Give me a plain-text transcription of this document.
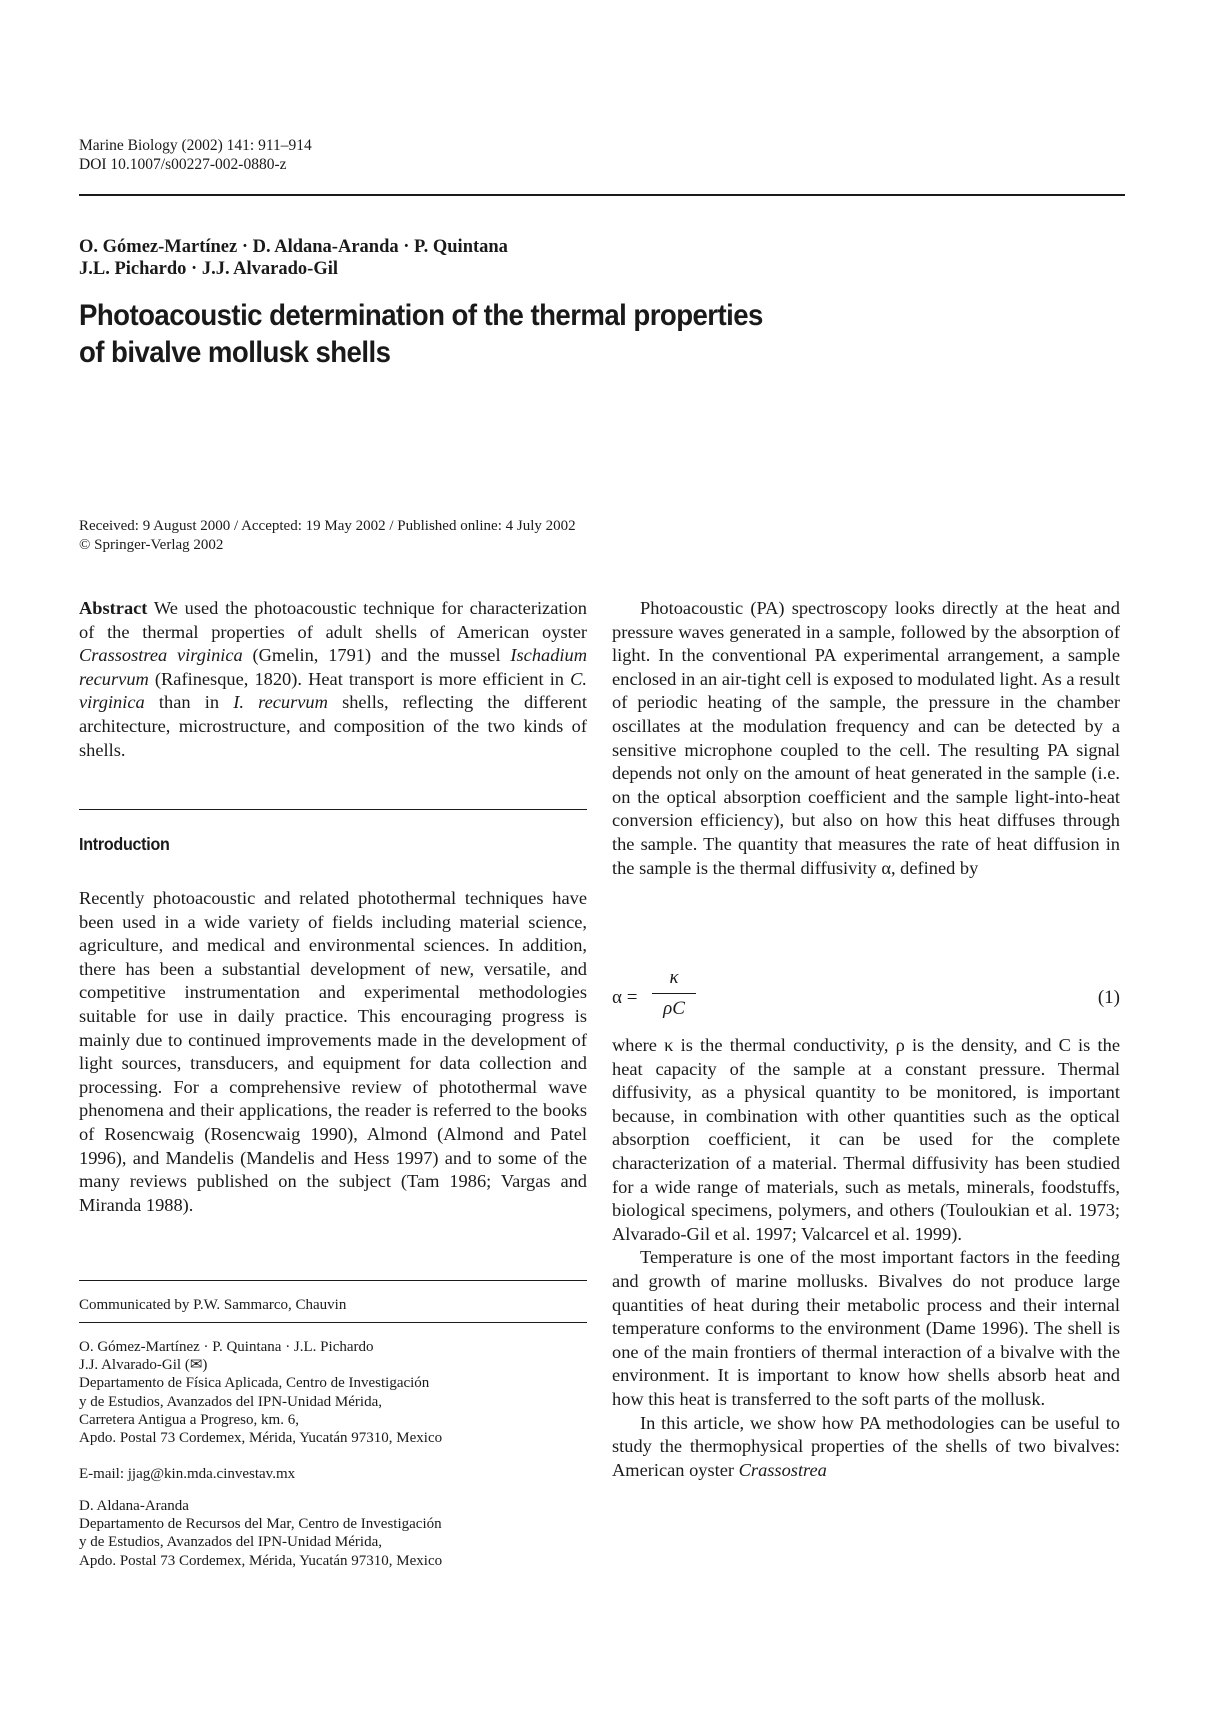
Marine Biology (2002) 141: 911–914
DOI 10.1007/s00227-002-0880-z
O. Gómez-Martínez · D. Aldana-Aranda · P. Quintana
J.L. Pichardo · J.J. Alvarado-Gil
Photoacoustic determination of the thermal properties
of bivalve mollusk shells
Received: 9 August 2000 / Accepted: 19 May 2002 / Published online: 4 July 2002
© Springer-Verlag 2002

Abstract We used the photoacoustic technique for characterization of the thermal properties of adult shells of American oyster Crassostrea virginica (Gmelin, 1791) and the mussel Ischadium recurvum (Rafinesque, 1820). Heat transport is more efficient in C. virginica than in I. recurvum shells, reflecting the different architecture, microstructure, and composition of the two kinds of shells.

Introduction

Recently photoacoustic and related photothermal techniques have been used in a wide variety of fields including material science, agriculture, and medical and environmental sciences. In addition, there has been a substantial development of new, versatile, and competitive instrumentation and experimental methodologies suitable for use in daily practice. This encouraging progress is mainly due to continued improvements made in the development of light sources, transducers, and equipment for data collection and processing. For a comprehensive review of photothermal wave phenomena and their applications, the reader is referred to the books of Rosencwaig (Rosencwaig 1990), Almond (Almond and Patel 1996), and Mandelis (Mandelis and Hess 1997) and to some of the many reviews published on the subject (Tam 1986; Vargas and Miranda 1988).

Communicated by P.W. Sammarco, Chauvin
O. Gómez-Martínez · P. Quintana · J.L. Pichardo
J.J. Alvarado-Gil (✉)
Departamento de Física Aplicada, Centro de Investigación
y de Estudios, Avanzados del IPN-Unidad Mérida,
Carretera Antigua a Progreso, km. 6,
Apdo. Postal 73 Cordemex, Mérida, Yucatán 97310, Mexico
E-mail: jjag@kin.mda.cinvestav.mx
D. Aldana-Aranda
Departamento de Recursos del Mar, Centro de Investigación
y de Estudios, Avanzados del IPN-Unidad Mérida,
Apdo. Postal 73 Cordemex, Mérida, Yucatán 97310, Mexico

Photoacoustic (PA) spectroscopy looks directly at the heat and pressure waves generated in a sample, followed by the absorption of light. In the conventional PA experimental arrangement, a sample enclosed in an air-tight cell is exposed to modulated light. As a result of periodic heating of the sample, the pressure in the chamber oscillates at the modulation frequency and can be detected by a sensitive microphone coupled to the cell. The resulting PA signal depends not only on the amount of heat generated in the sample (i.e. on the optical absorption coefficient and the sample light-into-heat conversion efficiency), but also on how this heat diffuses through the sample. The quantity that measures the rate of heat diffusion in the sample is the thermal diffusivity α, defined by

α =
κ
ρC
(1)

where κ is the thermal conductivity, ρ is the density, and C is the heat capacity of the sample at a constant pressure. Thermal diffusivity, as a physical quantity to be monitored, is important because, in combination with other quantities such as the optical absorption coefficient, it can be used for the complete characterization of a material. Thermal diffusivity has been studied for a wide range of materials, such as metals, minerals, foodstuffs, biological specimens, polymers, and others (Touloukian et al. 1973; Alvarado-Gil et al. 1997; Valcarcel et al. 1999).

Temperature is one of the most important factors in the feeding and growth of marine mollusks. Bivalves do not produce large quantities of heat during their metabolic process and their internal temperature conforms to the environment (Dame 1996). The shell is one of the main frontiers of thermal interaction of a bivalve with the environment. It is important to know how shells absorb heat and how this heat is transferred to the soft parts of the mollusk.

In this article, we show how PA methodologies can be useful to study the thermophysical properties of the shells of two bivalves: American oyster Crassostrea
